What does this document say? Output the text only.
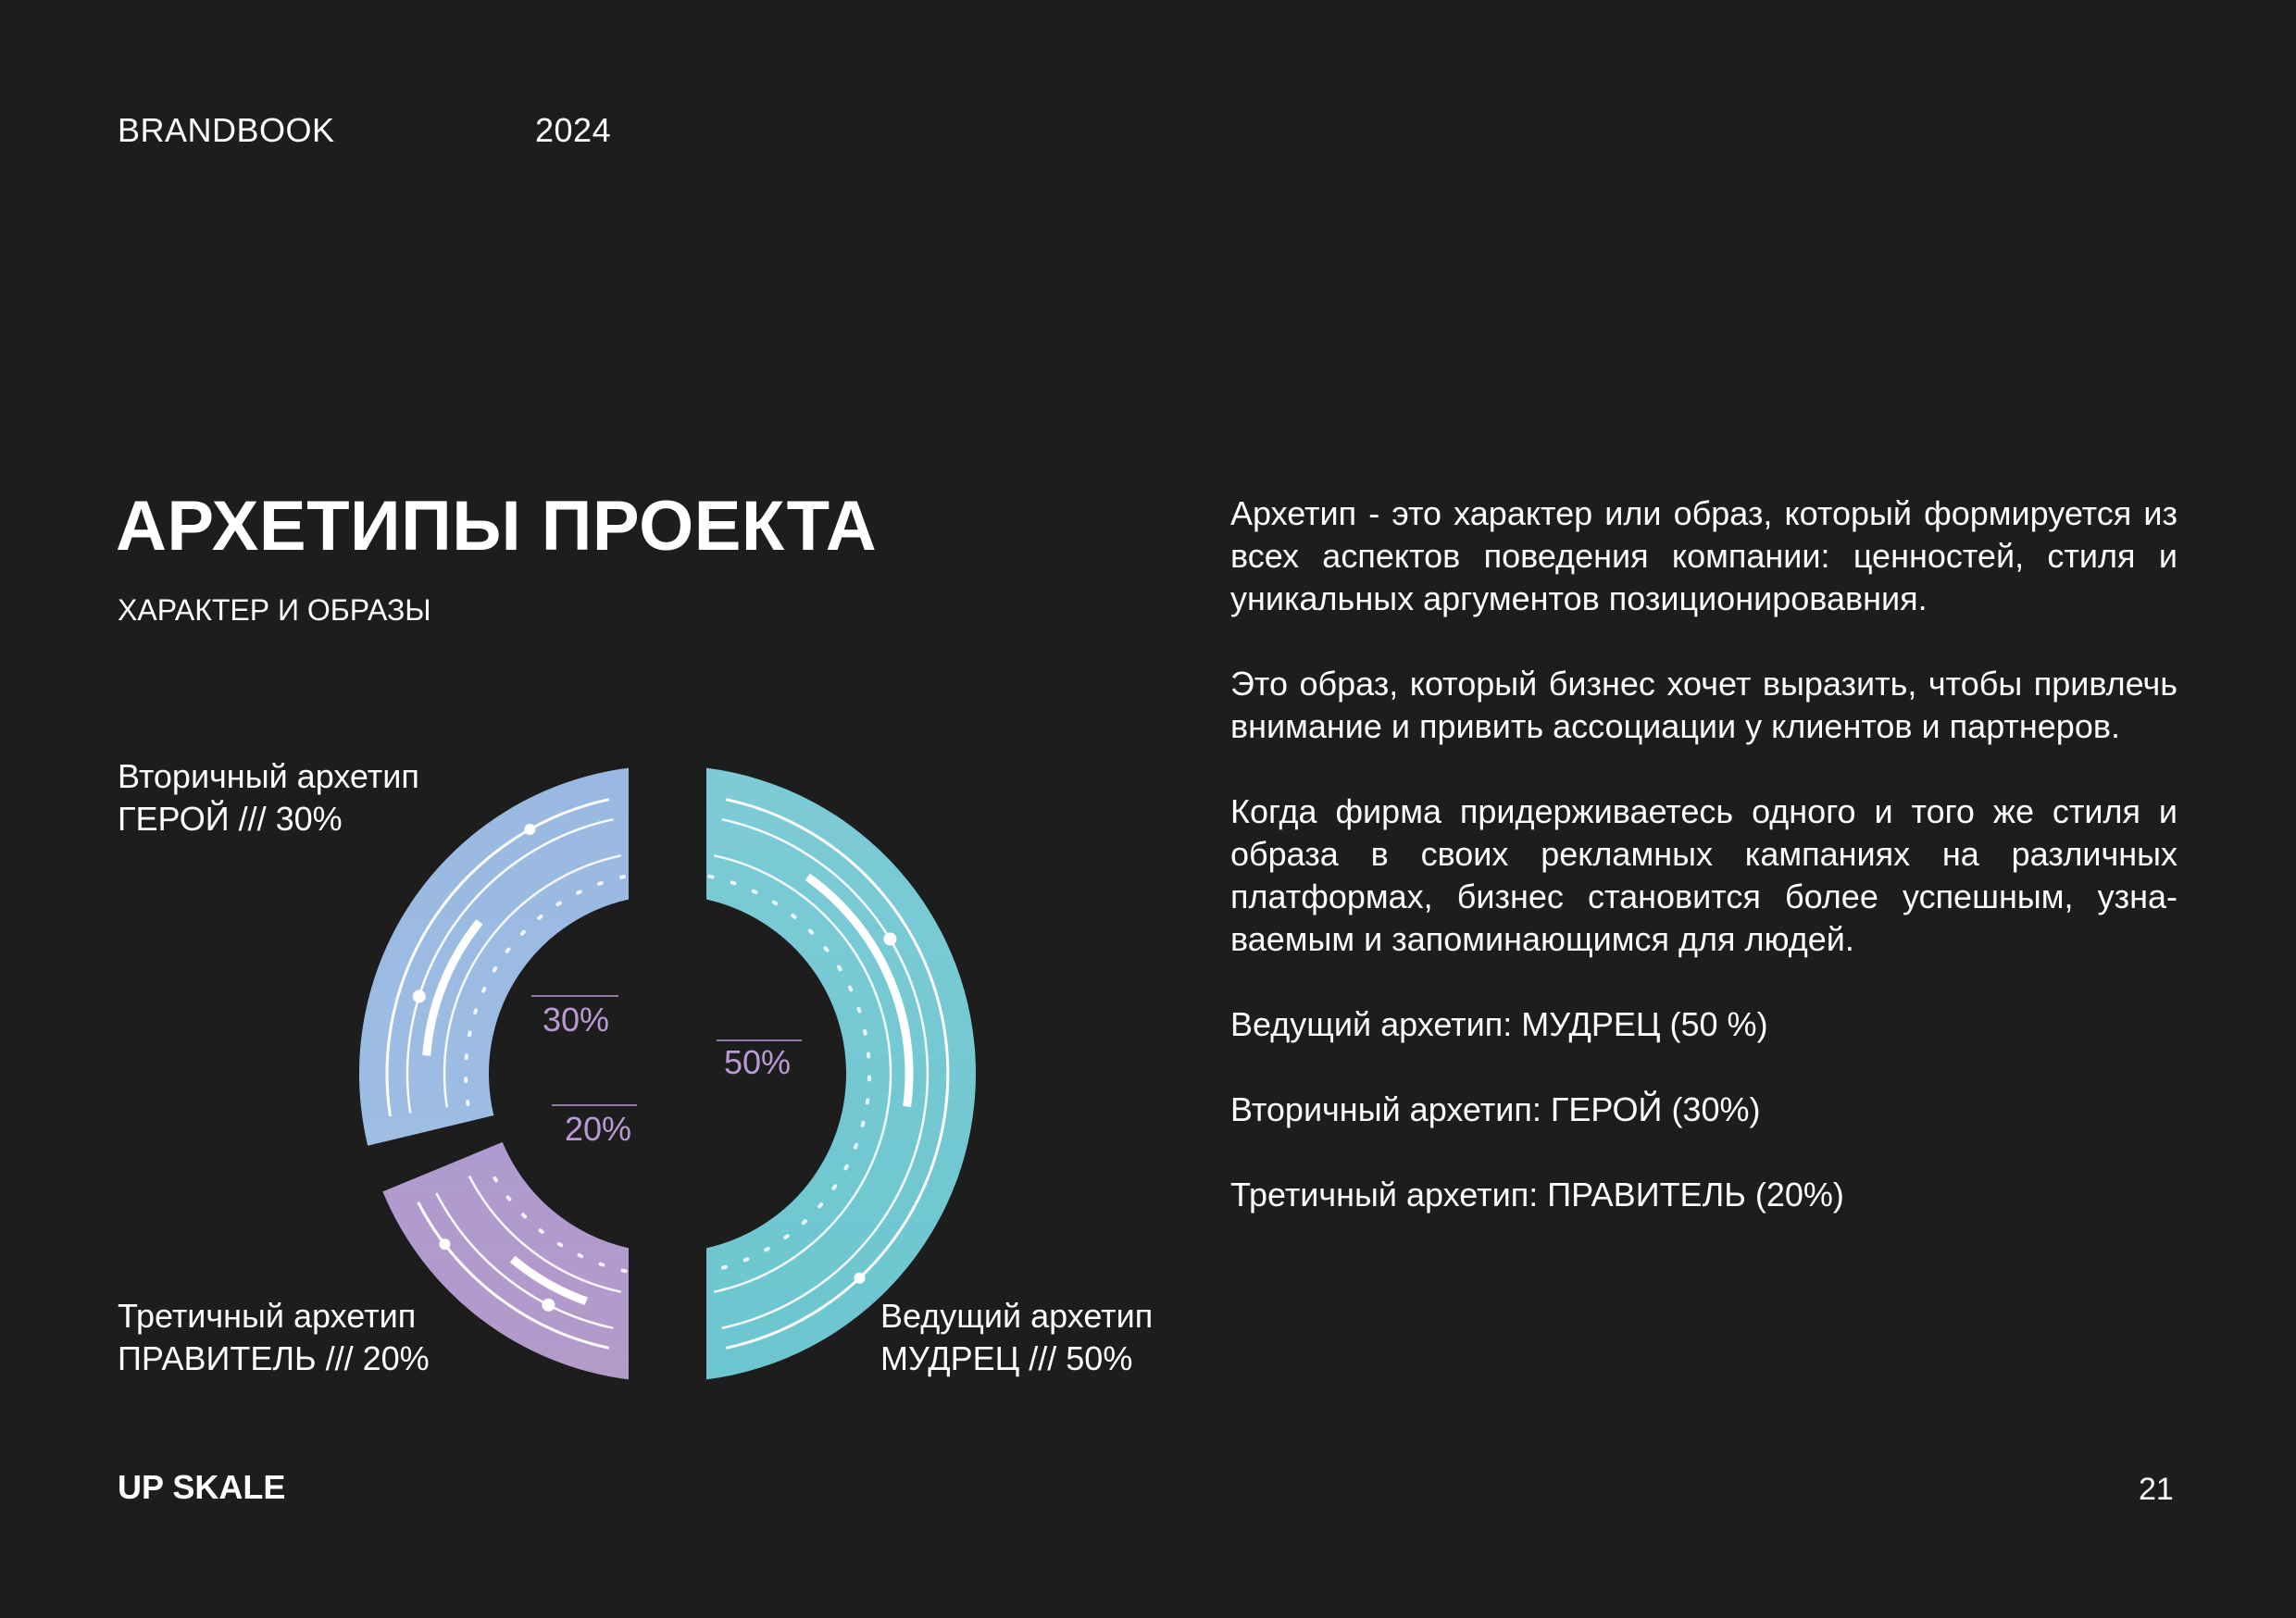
BRANDBOOK	2024
АРХЕТИПЫ ПРОЕКТА
ХАРАКТЕР И ОБРАЗЫ
Вторичный архетип
ГЕРОЙ /// 30%
Третичный архетип
ПРАВИТЕЛЬ /// 20%
Ведущий архетип
МУДРЕЦ /// 50%
50%
30%
20%

Архетип - это характер или образ, который формируется из всех аспектов поведения компании: ценностей, стиля и уникальных аргументов позиционировавния.

Это образ, который бизнес хочет выразить, чтобы привлечь внимание и привить ассоциации у клиентов и партнеров.

Когда фирма придерживаетесь одного и того же стиля и образа в своих рекламных кампаниях на различных платформах, бизнес становится более успешным, узнаваемым и запоминающимся для людей.

Ведущий архетип: МУДРЕЦ (50 %)

Вторичный архетип: ГЕРОЙ (30%)

Третичный архетип: ПРАВИТЕЛЬ (20%)

UP SKALE	21
